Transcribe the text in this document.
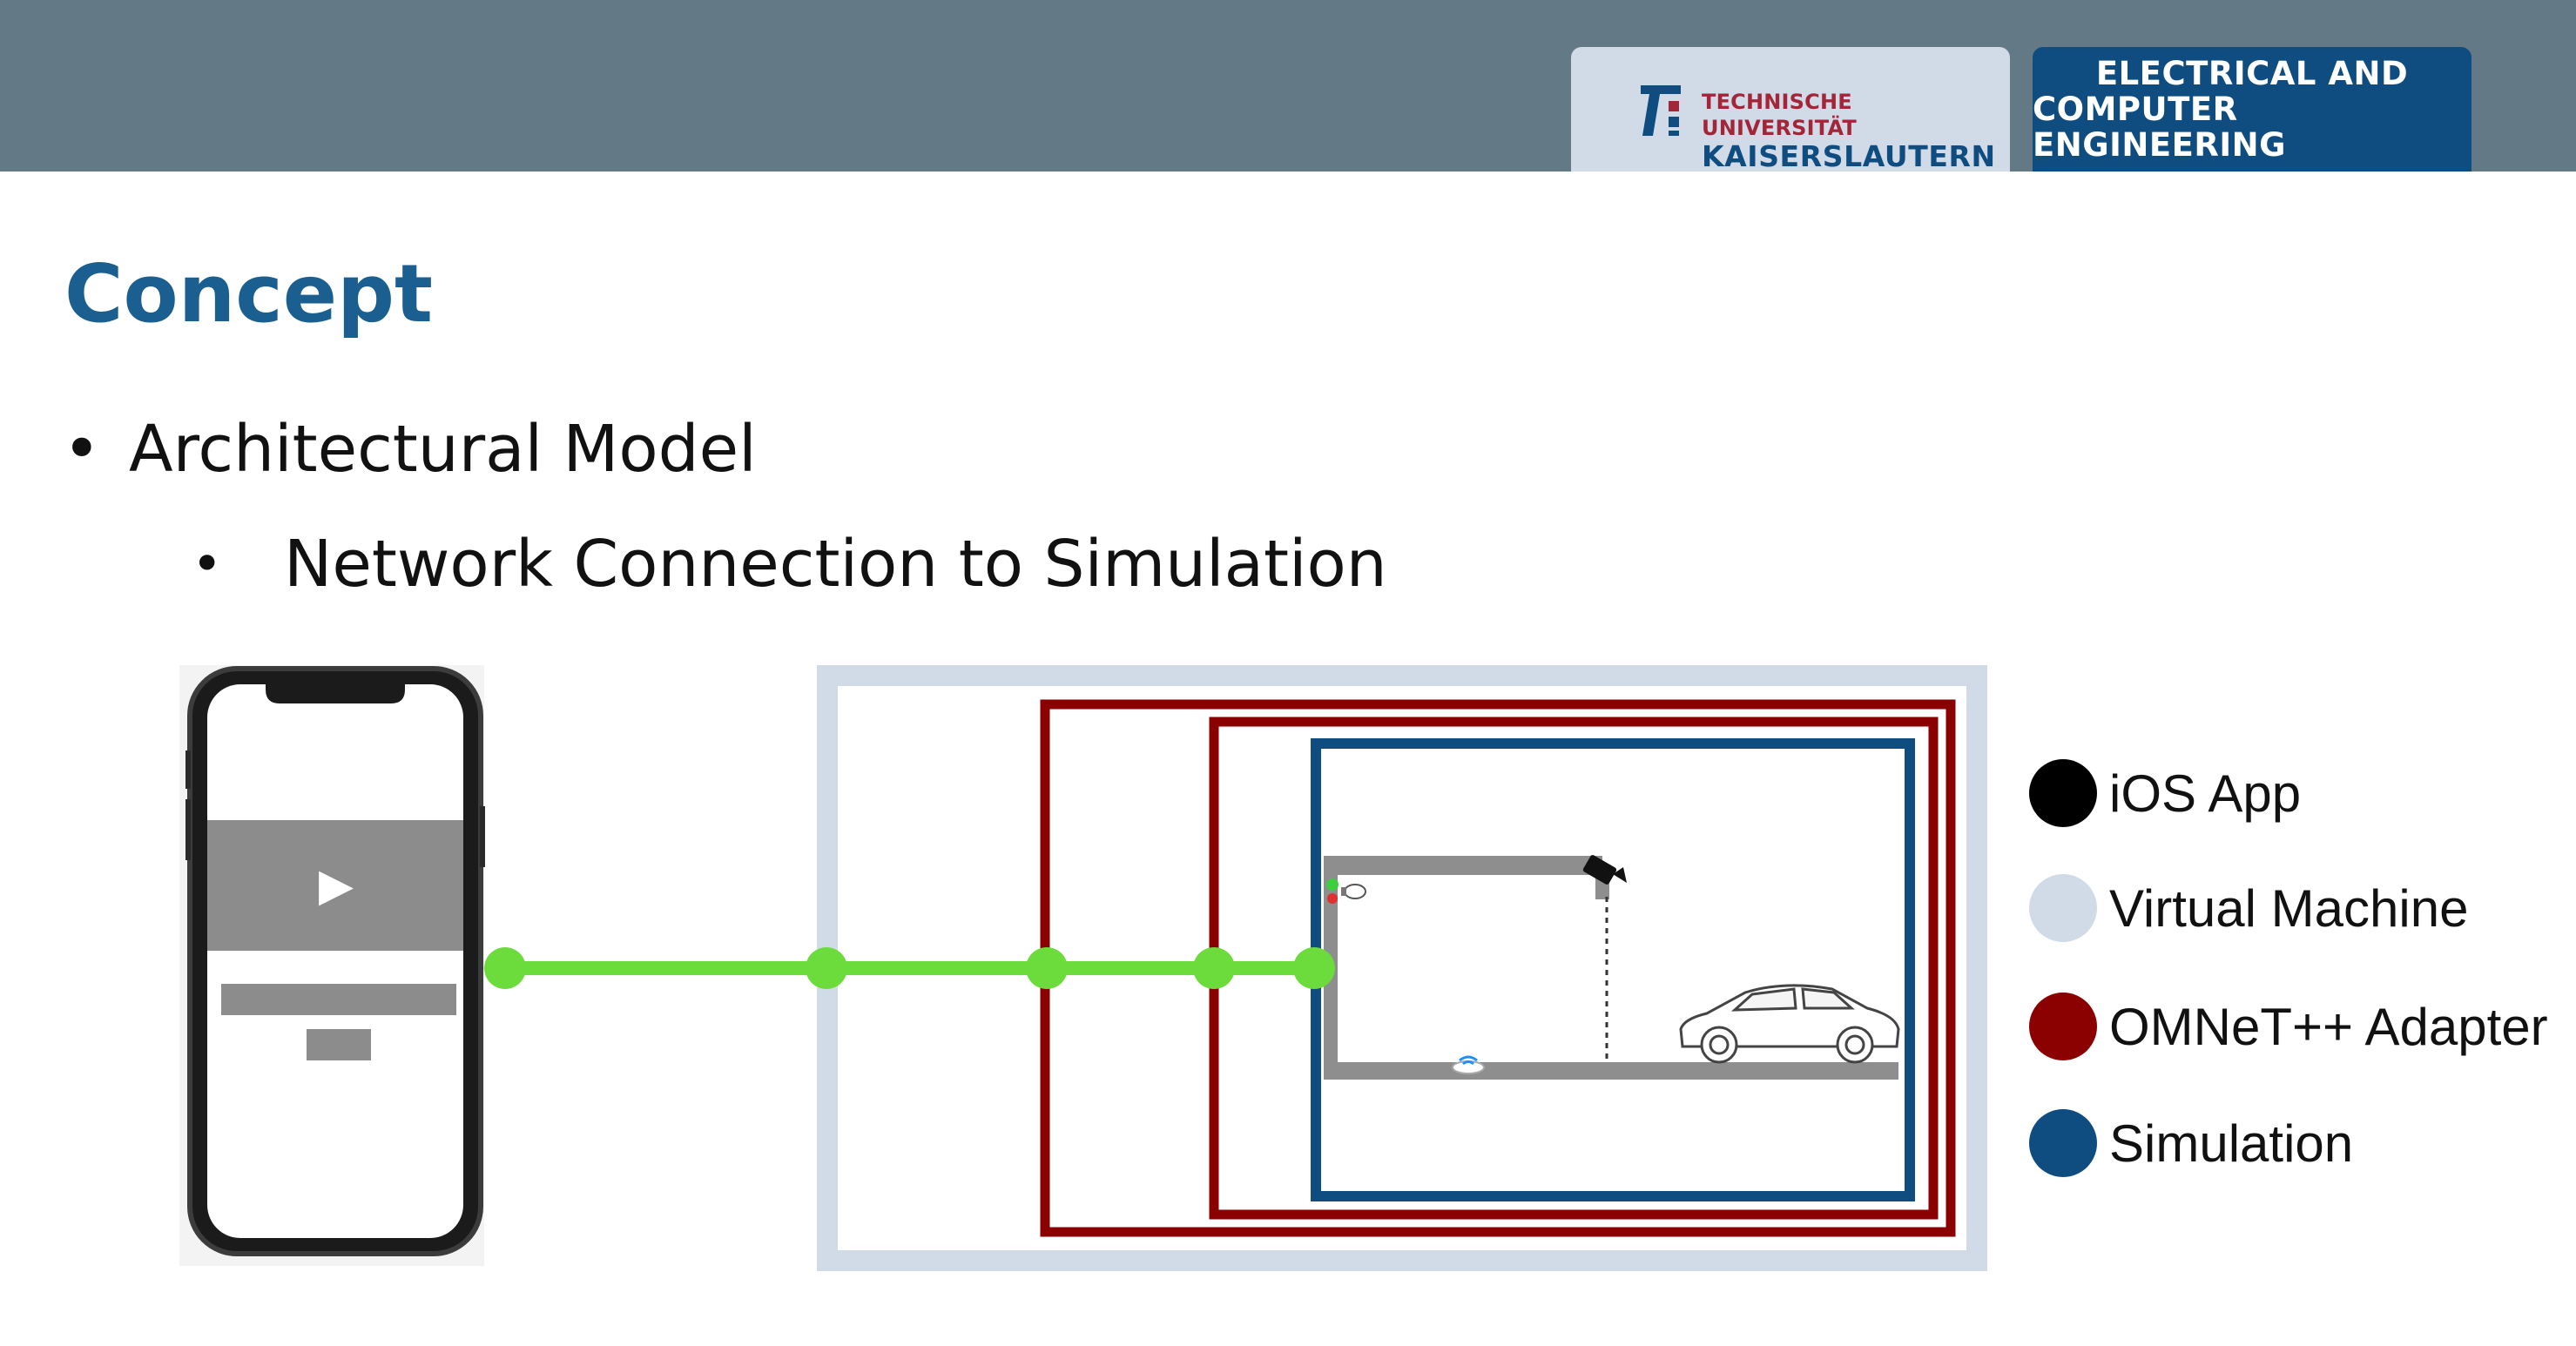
TECHNISCHE UNIVERSITÄT
KAISERSLAUTERN
ELECTRICAL AND
COMPUTER ENGINEERING
Concept
• Architectural Model
• Network Connection to Simulation
▶
iOS App
Virtual Machine
OMNeT++ Adapter
Simulation
